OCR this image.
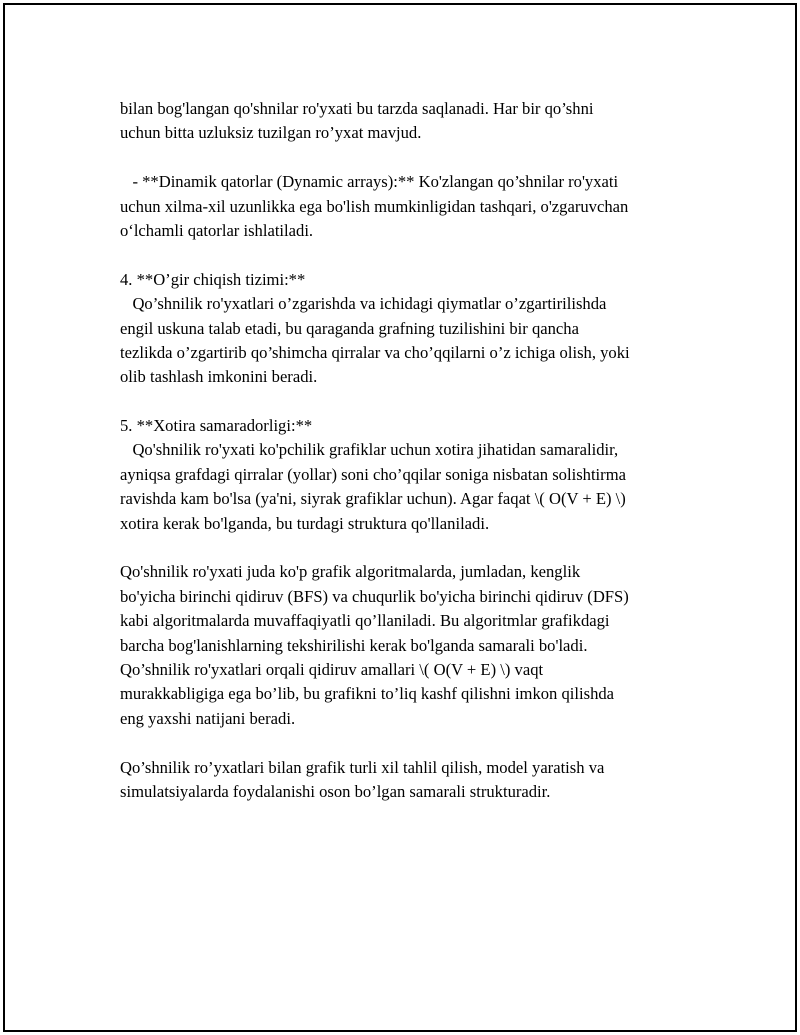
bilan bog'langan qo'shnilar ro'yxati bu tarzda saqlanadi. Har bir qo’shni
uchun bitta uzluksiz tuzilgan ro’yxat mavjud.
- **Dinamik qatorlar (Dynamic arrays):** Ko'zlangan qo’shnilar ro'yxati
uchun xilma-xil uzunlikka ega bo'lish mumkinligidan tashqari, o'zgaruvchan
o‘lchamli qatorlar ishlatiladi.
4. **O’gir chiqish tizimi:**
Qo’shnilik ro'yxatlari o’zgarishda va ichidagi qiymatlar o’zgartirilishda
engil uskuna talab etadi, bu qaraganda grafning tuzilishini bir qancha
tezlikda o’zgartirib qo’shimcha qirralar va cho’qqilarni o’z ichiga olish, yoki
olib tashlash imkonini beradi.
5. **Xotira samaradorligi:**
Qo'shnilik ro'yxati ko'pchilik grafiklar uchun xotira jihatidan samaralidir,
ayniqsa grafdagi qirralar (yollar) soni cho’qqilar soniga nisbatan solishtirma
ravishda kam bo'lsa (ya'ni, siyrak grafiklar uchun). Agar faqat \( O(V + E) \)
xotira kerak bo'lganda, bu turdagi struktura qo'llaniladi.
Qo'shnilik ro'yxati juda ko'p grafik algoritmalarda, jumladan, kenglik
bo'yicha birinchi qidiruv (BFS) va chuqurlik bo'yicha birinchi qidiruv (DFS)
kabi algoritmalarda muvaffaqiyatli qo’llaniladi. Bu algoritmlar grafikdagi
barcha bog'lanishlarning tekshirilishi kerak bo'lganda samarali bo'ladi.
Qo’shnilik ro'yxatlari orqali qidiruv amallari \( O(V + E) \) vaqt
murakkabligiga ega bo’lib, bu grafikni to’liq kashf qilishni imkon qilishda
eng yaxshi natijani beradi.
Qo’shnilik ro’yxatlari bilan grafik turli xil tahlil qilish, model yaratish va
simulatsiyalarda foydalanishi oson bo’lgan samarali strukturadir.
